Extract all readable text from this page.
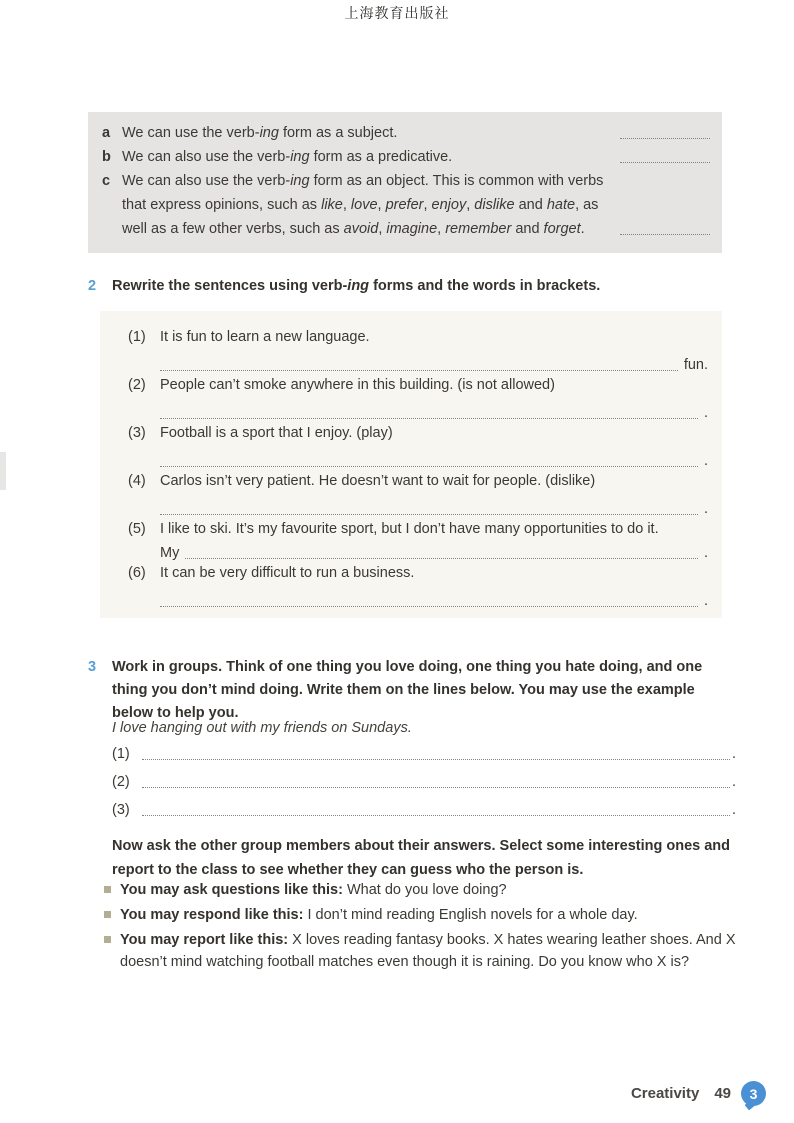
上海教育出版社
a We can use the verb-ing form as a subject.
b We can also use the verb-ing form as a predicative.
c We can also use the verb-ing form as an object. This is common with verbs that express opinions, such as like, love, prefer, enjoy, dislike and hate, as well as a few other verbs, such as avoid, imagine, remember and forget.
2	Rewrite the sentences using verb-ing forms and the words in brackets.
(1) It is fun to learn a new language.
fun.
(2) People can’t smoke anywhere in this building. (is not allowed)
.
(3) Football is a sport that I enjoy. (play)
.
(4) Carlos isn’t very patient. He doesn’t want to wait for people. (dislike)
.
(5) I like to ski. It’s my favourite sport, but I don’t have many opportunities to do it.
My	.
(6) It can be very difficult to run a business.
.
3	Work in groups. Think of one thing you love doing, one thing you hate doing, and one thing you don’t mind doing. Write them on the lines below. You may use the example below to help you.
I love hanging out with my friends on Sundays.
(1)	.
(2)	.
(3)	.
Now ask the other group members about their answers. Select some interesting ones and report to the class to see whether they can guess who the person is.
You may ask questions like this: What do you love doing?
You may respond like this: I don’t mind reading English novels for a whole day.
You may report like this: X loves reading fantasy books. X hates wearing leather shoes. And X doesn’t mind watching football matches even though it is raining. Do you know who X is?
Creativity 49	3
